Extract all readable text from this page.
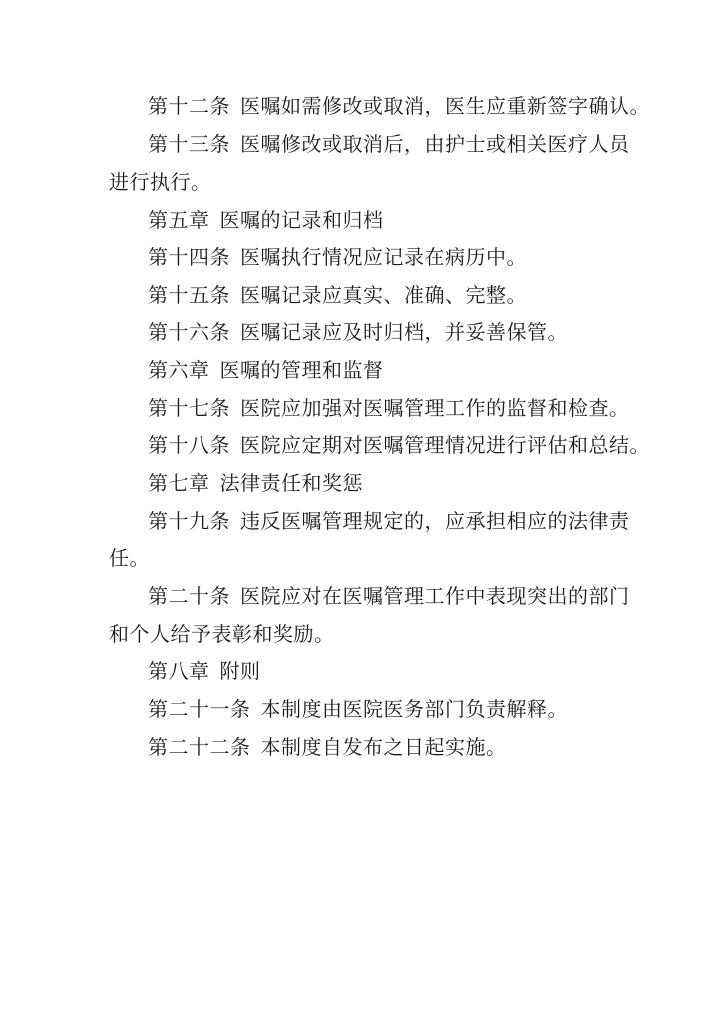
第十二条 医嘱如需修改或取消，医生应重新签字确认。
第十三条 医嘱修改或取消后，由护士或相关医疗人员
进行执行。
第五章 医嘱的记录和归档
第十四条 医嘱执行情况应记录在病历中。
第十五条 医嘱记录应真实、准确、完整。
第十六条 医嘱记录应及时归档，并妥善保管。
第六章 医嘱的管理和监督
第十七条 医院应加强对医嘱管理工作的监督和检查。
第十八条 医院应定期对医嘱管理情况进行评估和总结。
第七章 法律责任和奖惩
第十九条 违反医嘱管理规定的，应承担相应的法律责
任。
第二十条 医院应对在医嘱管理工作中表现突出的部门
和个人给予表彰和奖励。
第八章 附则
第二十一条 本制度由医院医务部门负责解释。
第二十二条 本制度自发布之日起实施。
